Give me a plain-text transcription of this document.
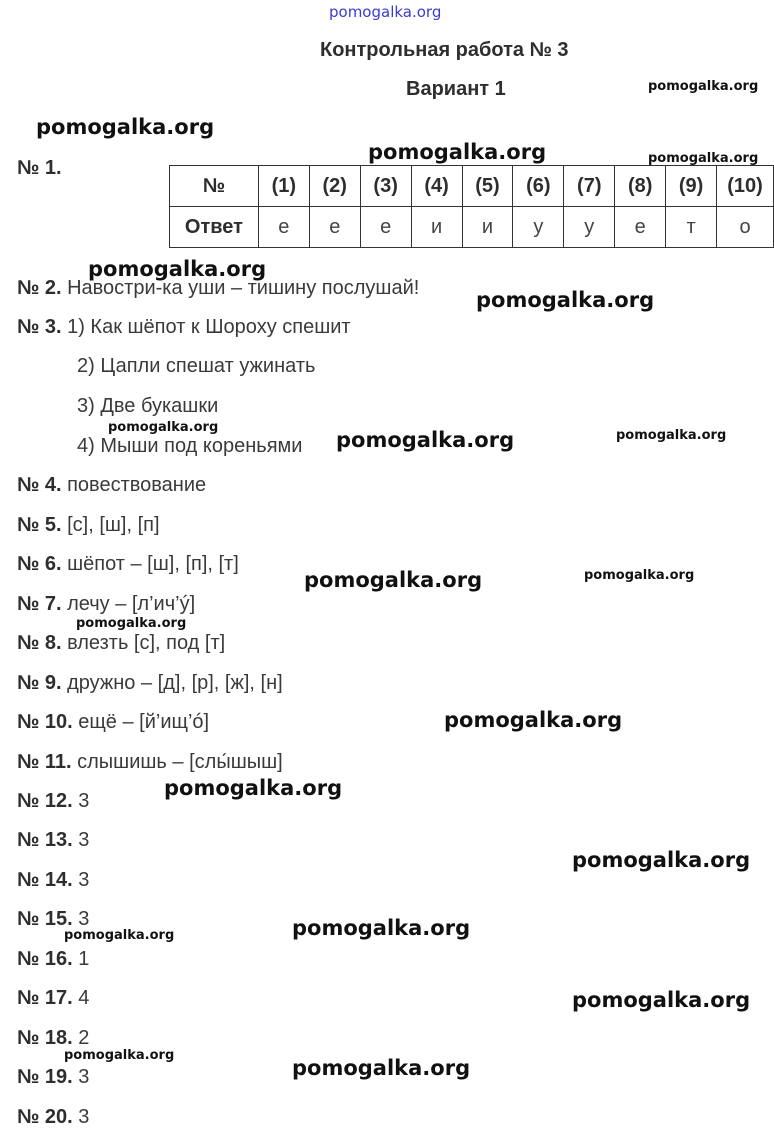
pomogalka.org
pomogalka.org
pomogalka.org
pomogalka.org	pomogalka.org
pomogalka.org
pomogalka.org
pomogalka.org
pomogalka.org	pomogalka.org
pomogalka.org	pomogalka.org
pomogalka.org
pomogalka.org
pomogalka.org
pomogalka.org
pomogalka.org
pomogalka.org
pomogalka.org
pomogalka.org
pomogalka.org
Контрольная работа № 3
Вариант 1
№ 1.
№	(1)	(2)	(3)	(4)	(5)	(6)	(7)	(8)	(9)	(10)
Ответ	е	е	е	и	и	у	у	е	т	о
№ 2. Навостри-ка уши – тишину послушай!
№ 3. 1) Как шёпот к Шороху спешит
2) Цапли спешат ужинать
3) Две букашки
4) Мыши под кореньями
№ 4. повествование
№ 5. [с], [ш], [п]
№ 6. шёпот – [ш], [п], [т]
№ 7. лечу – [л’ич’ý]
№ 8. влезть [с], под [т]
№ 9. дружно – [д], [р], [ж], [н]
№ 10. ещё – [й’ищ’ó]
№ 11. слышишь – [слы́шыш]
№ 12. 3
№ 13. 3
№ 14. 3
№ 15. 3
№ 16. 1
№ 17. 4
№ 18. 2
№ 19. 3
№ 20. 3
